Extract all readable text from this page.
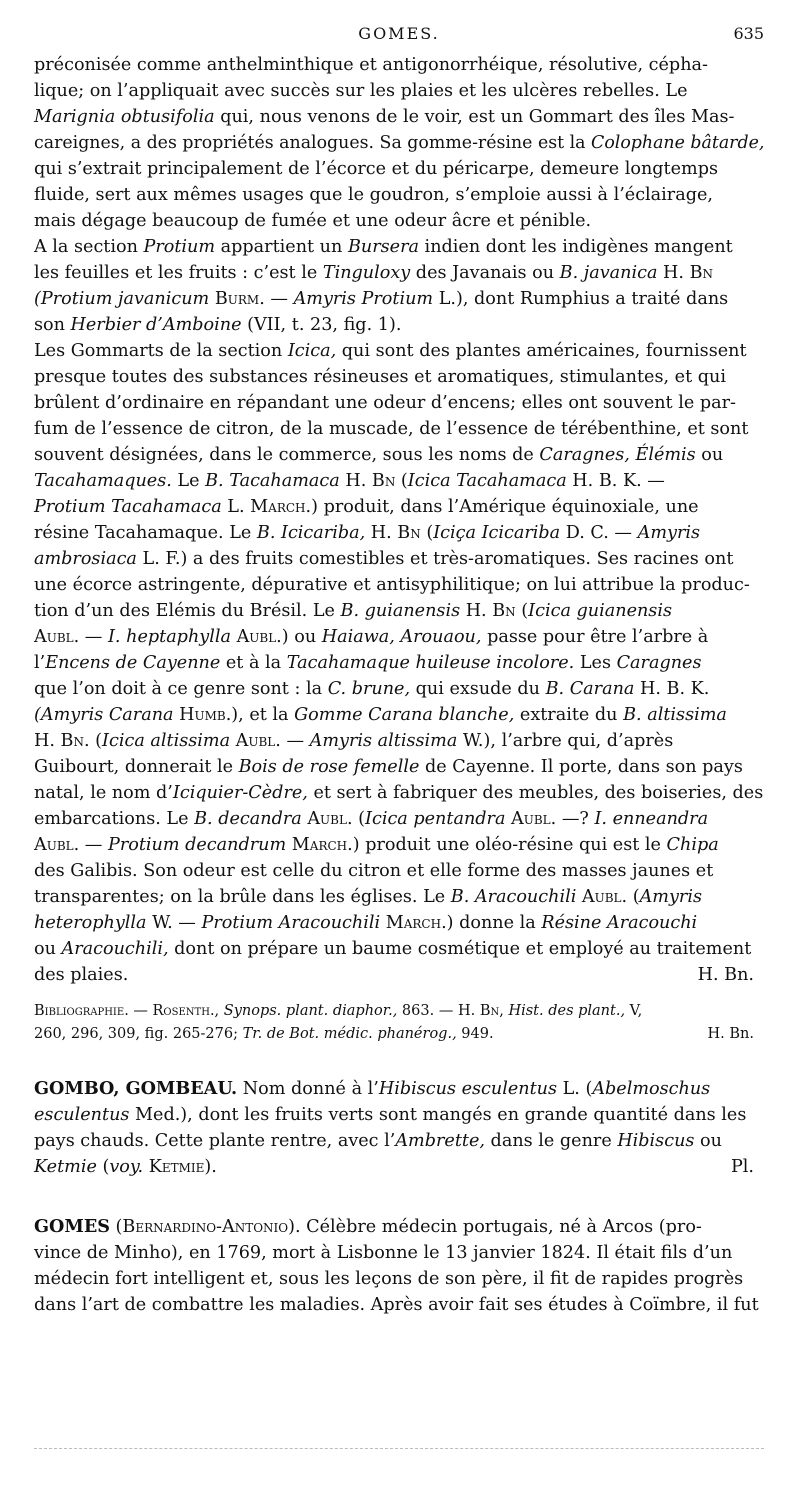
GOMES.	635
préconisée comme anthelminthique et antigonorrhéique, résolutive, cépha-
lique; on l’appliquait avec succès sur les plaies et les ulcères rebelles. Le
Marignia obtusifolia qui, nous venons de le voir, est un Gommart des îles Mas-
careignes, a des propriétés analogues. Sa gomme-résine est la Colophane bâtarde,
qui s’extrait principalement de l’écorce et du péricarpe, demeure longtemps
fluide, sert aux mêmes usages que le goudron, s’emploie aussi à l’éclairage,
mais dégage beaucoup de fumée et une odeur âcre et pénible.
A la section Protium appartient un Bursera indien dont les indigènes mangent
les feuilles et les fruits : c’est le Tinguloxy des Javanais ou B. javanica H. Bn
(Protium javanicum Burm. — Amyris Protium L.), dont Rumphius a traité dans
son Herbier d’Amboine (VII, t. 23, fig. 1).
Les Gommarts de la section Icica, qui sont des plantes américaines, fournissent
presque toutes des substances résineuses et aromatiques, stimulantes, et qui
brûlent d’ordinaire en répandant une odeur d’encens; elles ont souvent le par-
fum de l’essence de citron, de la muscade, de l’essence de térébenthine, et sont
souvent désignées, dans le commerce, sous les noms de Caragnes, Élémis ou
Tacahamaques. Le B. Tacahamaca H. Bn (Icica Tacahamaca H. B. K. —
Protium Tacahamaca L. March.) produit, dans l’Amérique équinoxiale, une
résine Tacahamaque. Le B. Icicariba, H. Bn (Iciça Icicariba D. C. — Amyris
ambrosiaca L. F.) a des fruits comestibles et très-aromatiques. Ses racines ont
une écorce astringente, dépurative et antisyphilitique; on lui attribue la produc-
tion d’un des Elémis du Brésil. Le B. guianensis H. Bn (Icica guianensis
Aubl. — I. heptaphylla Aubl.) ou Haiawa, Arouaou, passe pour être l’arbre à
l’Encens de Cayenne et à la Tacahamaque huileuse incolore. Les Caragnes
que l’on doit à ce genre sont : la C. brune, qui exsude du B. Carana H. B. K.
(Amyris Carana Humb.), et la Gomme Carana blanche, extraite du B. altissima
H. Bn. (Icica altissima Aubl. — Amyris altissima W.), l’arbre qui, d’après
Guibourt, donnerait le Bois de rose femelle de Cayenne. Il porte, dans son pays
natal, le nom d’Iciquier-Cèdre, et sert à fabriquer des meubles, des boiseries, des
embarcations. Le B. decandra Aubl. (Icica pentandra Aubl. —? I. enneandra
Aubl. — Protium decandrum March.) produit une oléo-résine qui est le Chipa
des Galibis. Son odeur est celle du citron et elle forme des masses jaunes et
transparentes; on la brûle dans les églises. Le B. Aracouchili Aubl. (Amyris
heterophylla W. — Protium Aracouchili March.) donne la Résine Aracouchi
ou Aracouchili, dont on prépare un baume cosmétique et employé au traitement
des plaies.	H. Bn.
Bibliographie. — Rosenth., Synops. plant. diaphor., 863. — H. Bn, Hist. des plant., V,
260, 296, 309, fig. 265-276; Tr. de Bot. médic. phanérog., 949.	H. Bn.
GOMBO, GOMBEAU. Nom donné à l’Hibiscus esculentus L. (Abelmoschus
esculentus Med.), dont les fruits verts sont mangés en grande quantité dans les
pays chauds. Cette plante rentre, avec l’Ambrette, dans le genre Hibiscus ou
Ketmie (voy. Ketmie).	Pl.
GOMES (Bernardino-Antonio). Célèbre médecin portugais, né à Arcos (pro-
vince de Minho), en 1769, mort à Lisbonne le 13 janvier 1824. Il était fils d’un
médecin fort intelligent et, sous les leçons de son père, il fit de rapides progrès
dans l’art de combattre les maladies. Après avoir fait ses études à Coïmbre, il fut
